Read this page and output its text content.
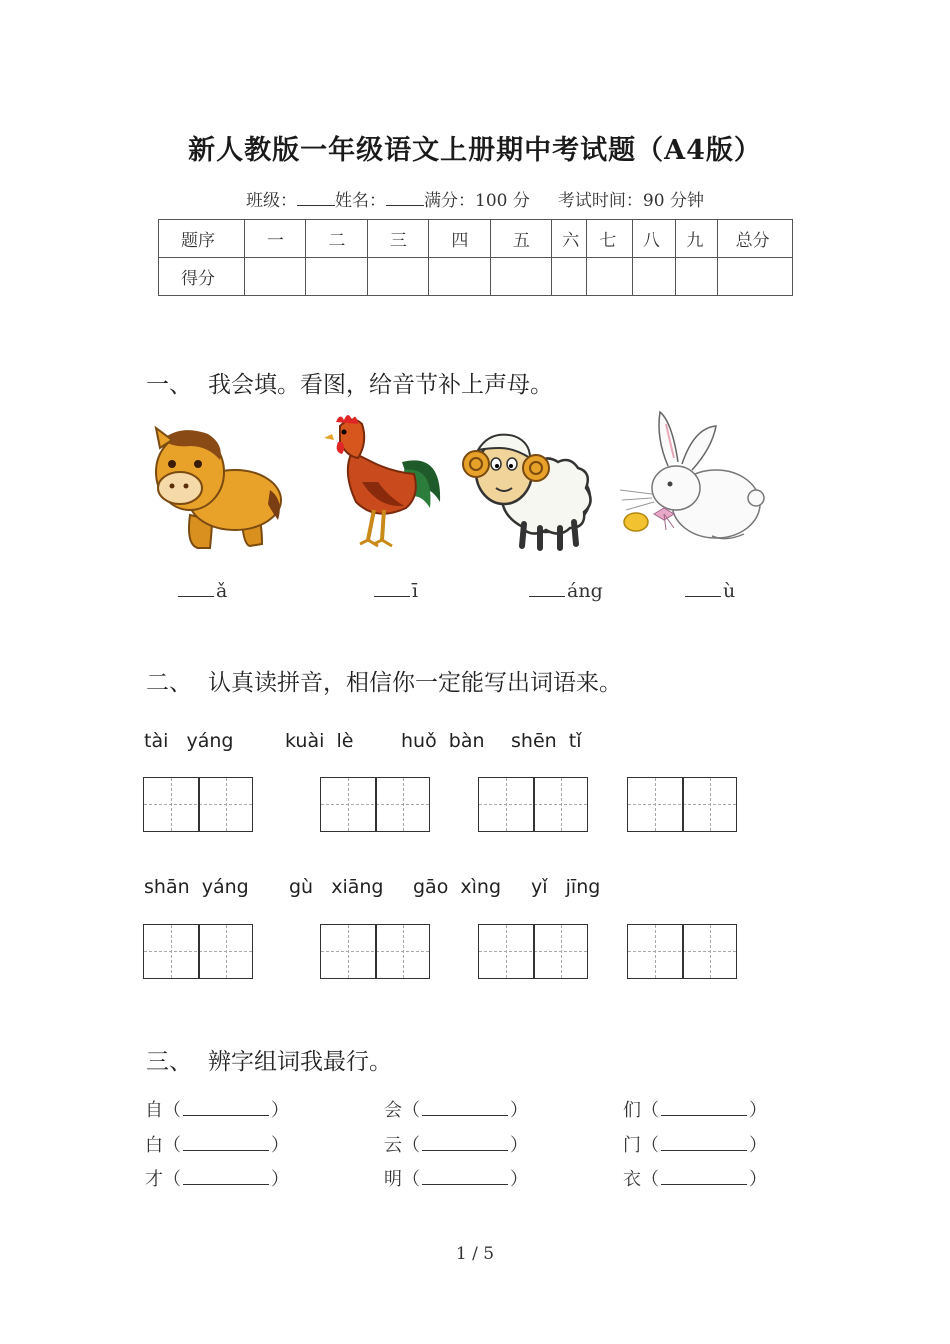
新人教版一年级语文上册期中考试题（A4版）
班级： 姓名： 满分：100 分 考试时间：90 分钟
题序	一	二	三	四	五	六	七	八	九	总分
得分										
一、 我会填。看图，给音节补上声母。
ǎ	ī	áng	ù
二、 认真读拼音，相信你一定能写出词语来。
tài   yáng	kuài  lè	huǒ  bàn shēn  tǐ
shān  yáng gù   xiāng gāo  xìng yǐ   jīng
三、 辨字组词我最行。
自（	）	会（	）	们（	）
白（	）	云（	）	门（	）
才（	）	明（	）	衣（	）
1 / 5
